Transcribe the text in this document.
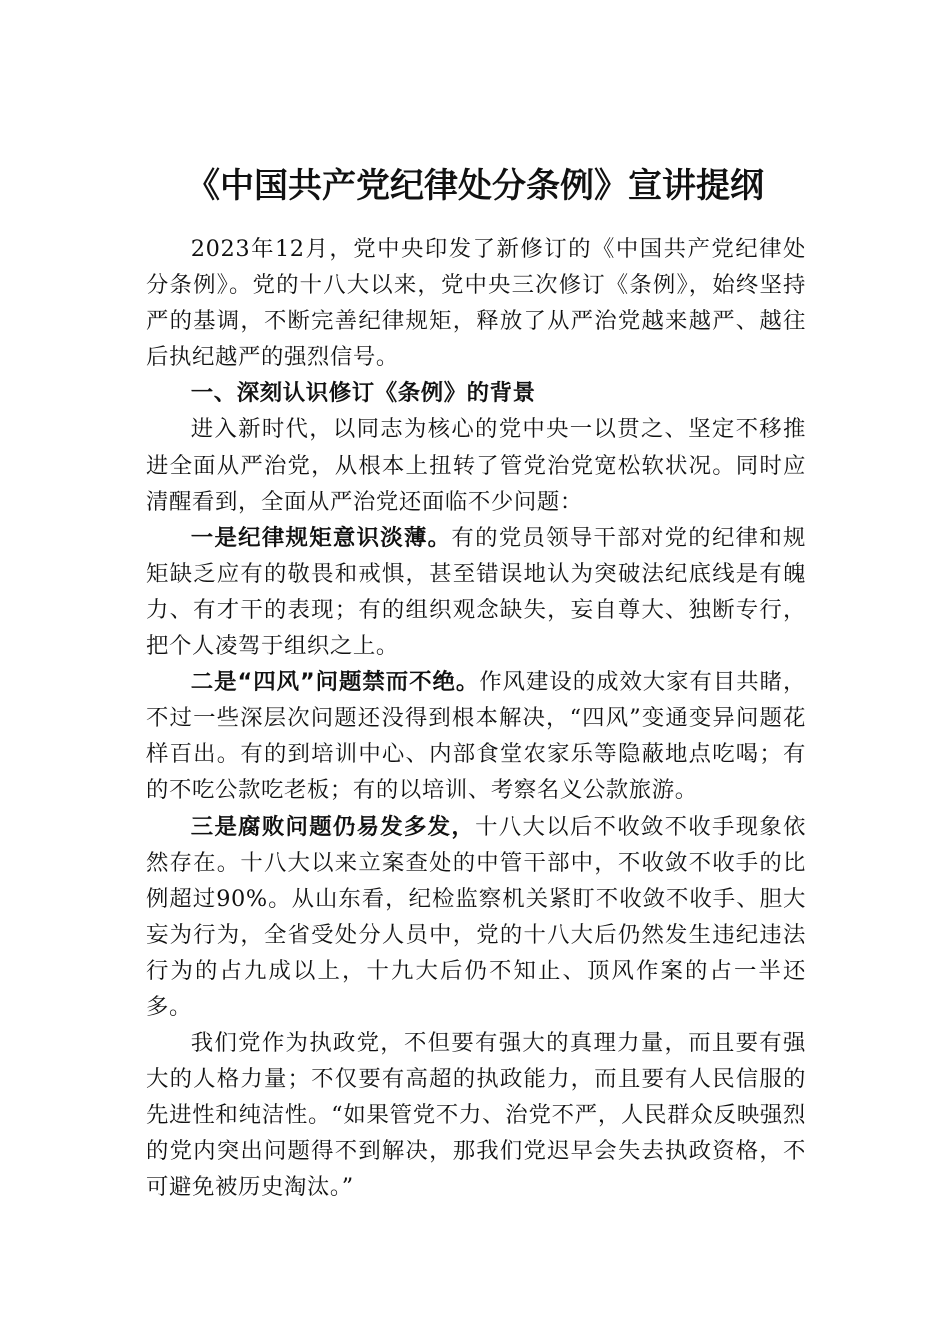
《中国共产党纪律处分条例》宣讲提纲

2023年12月，党中央印发了新修订的《中国共产党纪律处分条例》。党的十八大以来，党中央三次修订《条例》，始终坚持严的基调，不断完善纪律规矩，释放了从严治党越来越严、越往后执纪越严的强烈信号。

一、深刻认识修订《条例》的背景

进入新时代，以同志为核心的党中央一以贯之、坚定不移推进全面从严治党，从根本上扭转了管党治党宽松软状况。同时应清醒看到，全面从严治党还面临不少问题：

一是纪律规矩意识淡薄。有的党员领导干部对党的纪律和规矩缺乏应有的敬畏和戒惧，甚至错误地认为突破法纪底线是有魄力、有才干的表现；有的组织观念缺失，妄自尊大、独断专行，把个人凌驾于组织之上。

二是“四风”问题禁而不绝。作风建设的成效大家有目共睹，不过一些深层次问题还没得到根本解决，“四风”变通变异问题花样百出。有的到培训中心、内部食堂农家乐等隐蔽地点吃喝；有的不吃公款吃老板；有的以培训、考察名义公款旅游。

三是腐败问题仍易发多发，十八大以后不收敛不收手现象依然存在。十八大以来立案查处的中管干部中，不收敛不收手的比例超过90%。从山东看，纪检监察机关紧盯不收敛不收手、胆大妄为行为，全省受处分人员中，党的十八大后仍然发生违纪违法行为的占九成以上，十九大后仍不知止、顶风作案的占一半还多。

我们党作为执政党，不但要有强大的真理力量，而且要有强大的人格力量；不仅要有高超的执政能力，而且要有人民信服的先进性和纯洁性。“如果管党不力、治党不严，人民群众反映强烈的党内突出问题得不到解决，那我们党迟早会失去执政资格，不可避免被历史淘汰。”
